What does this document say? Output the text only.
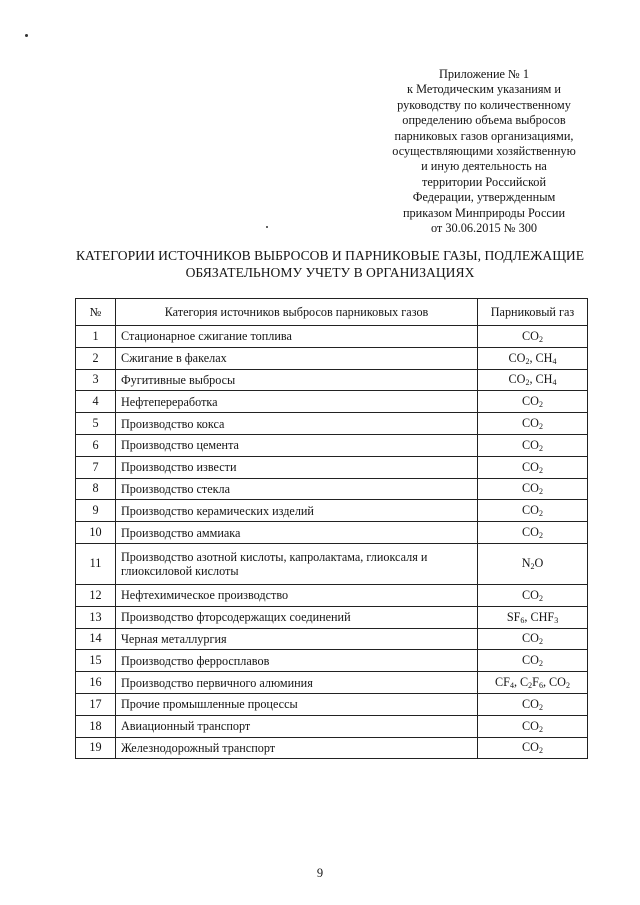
Приложение № 1
к Методическим указаниям и
руководству по количественному
определению объема выбросов
парниковых газов организациями,
осуществляющими хозяйственную
и иную деятельность на
территории Российской
Федерации, утвержденным
приказом Минприроды России
от 30.06.2015 № 300
КАТЕГОРИИ ИСТОЧНИКОВ ВЫБРОСОВ И ПАРНИКОВЫЕ ГАЗЫ, ПОДЛЕЖАЩИЕ
ОБЯЗАТЕЛЬНОМУ УЧЕТУ В ОРГАНИЗАЦИЯХ
№	Категория источников выбросов парниковых газов	Парниковый газ
1	Стационарное сжигание топлива	$CO_2$
2	Сжигание в факелах	$CO_2$, $CH_4$
3	Фугитивные выбросы	$CO_2$, $CH_4$
4	Нефтепереработка	$CO_2$
5	Производство кокса	$CO_2$
6	Производство цемента	$CO_2$
7	Производство извести	$CO_2$
8	Производство стекла	$CO_2$
9	Производство керамических изделий	$CO_2$
10	Производство аммиака	$CO_2$
11	Производство азотной кислоты, капролактама, глиоксаля и глиоксиловой кислоты	$N_2O$
12	Нефтехимическое производство	$CO_2$
13	Производство фторсодержащих соединений	$SF_6$, $CHF_3$
14	Черная металлургия	$CO_2$
15	Производство ферросплавов	$CO_2$
16	Производство первичного алюминия	$CF_4$, $C_2F_6$, $CO_2$
17	Прочие промышленные процессы	$CO_2$
18	Авиационный транспорт	$CO_2$
19	Железнодорожный транспорт	$CO_2$
9
